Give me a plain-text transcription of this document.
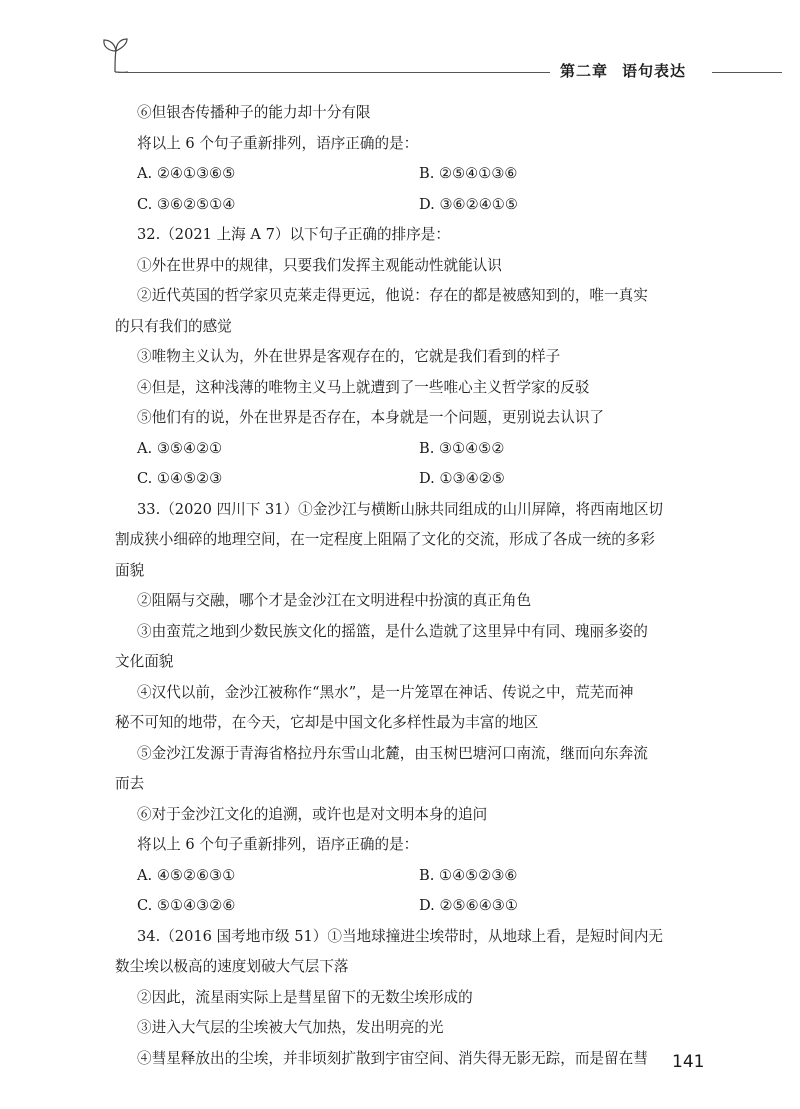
第二章 语句表达
⑥但银杏传播种子的能力却十分有限
将以上 6 个句子重新排列，语序正确的是：
A. ②④①③⑥⑤	B. ②⑤④①③⑥
C. ③⑥②⑤①④	D. ③⑥②④①⑤
32.（2021 上海 A 7）以下句子正确的排序是：
①外在世界中的规律，只要我们发挥主观能动性就能认识
②近代英国的哲学家贝克莱走得更远，他说：存在的都是被感知到的，唯一真实
的只有我们的感觉
③唯物主义认为，外在世界是客观存在的，它就是我们看到的样子
④但是，这种浅薄的唯物主义马上就遭到了一些唯心主义哲学家的反驳
⑤他们有的说，外在世界是否存在，本身就是一个问题，更别说去认识了
A. ③⑤④②①	B. ③①④⑤②
C. ①④⑤②③	D. ①③④②⑤
33.（2020 四川下 31）①金沙江与横断山脉共同组成的山川屏障，将西南地区切
割成狭小细碎的地理空间，在一定程度上阻隔了文化的交流，形成了各成一统的多彩
面貌
②阻隔与交融，哪个才是金沙江在文明进程中扮演的真正角色
③由蛮荒之地到少数民族文化的摇篮，是什么造就了这里异中有同、瑰丽多姿的
文化面貌
④汉代以前，金沙江被称作“黑水”，是一片笼罩在神话、传说之中，荒芜而神
秘不可知的地带，在今天，它却是中国文化多样性最为丰富的地区
⑤金沙江发源于青海省格拉丹东雪山北麓，由玉树巴塘河口南流，继而向东奔流
而去
⑥对于金沙江文化的追溯，或许也是对文明本身的追问
将以上 6 个句子重新排列，语序正确的是：
A. ④⑤②⑥③①	B. ①④⑤②③⑥
C. ⑤①④③②⑥	D. ②⑤⑥④③①
34.（2016 国考地市级 51）①当地球撞进尘埃带时，从地球上看，是短时间内无
数尘埃以极高的速度划破大气层下落
②因此，流星雨实际上是彗星留下的无数尘埃形成的
③进入大气层的尘埃被大气加热，发出明亮的光
④彗星释放出的尘埃，并非顷刻扩散到宇宙空间、消失得无影无踪，而是留在彗	141
